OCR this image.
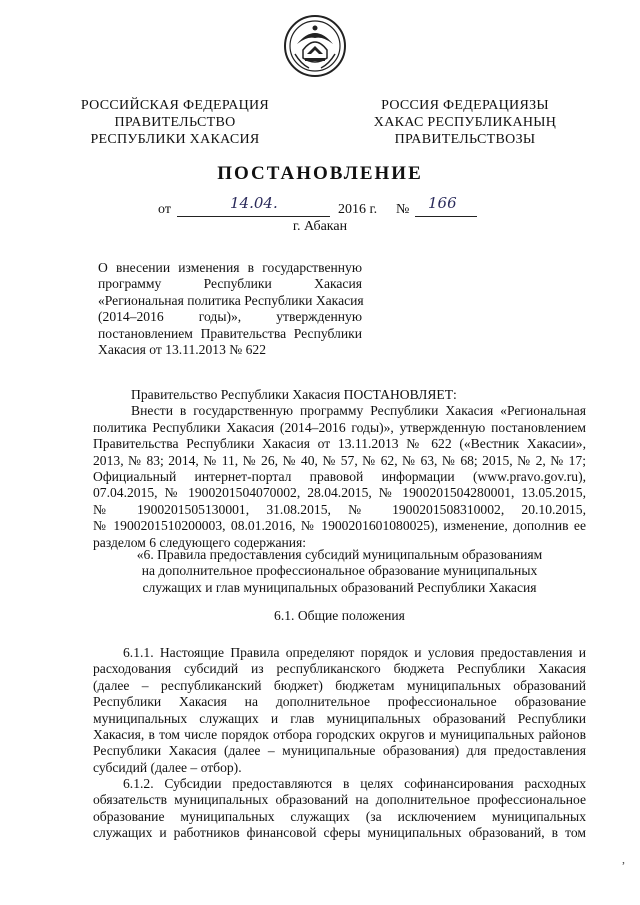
РОССИЙСКАЯ ФЕДЕРАЦИЯ
ПРАВИТЕЛЬСТВО
РЕСПУБЛИКИ ХАКАСИЯ
РОССИЯ ФЕДЕРАЦИЯЗЫ
ХАКАС РЕСПУБЛИКАНЫҢ
ПРАВИТЕЛЬСТВОЗЫ
ПОСТАНОВЛЕНИЕ
от	14.04.	2016 г. № 166
г. Абакан
О внесении изменения в государственную
программу Республики Хакасия
«Региональная политика Республики Хакасия
(2014–2016 годы)», утвержденную
постановлением Правительства Республики
Хакасия от 13.11.2013 № 622
Правительство Республики Хакасия ПОСТАНОВЛЯЕТ:
Внести в государственную программу Республики Хакасия «Региональная
политика Республики Хакасия (2014–2016 годы)», утвержденную постановлением
Правительства Республики Хакасия от 13.11.2013 № 622 («Вестник Хакасии»,
2013, № 83; 2014, № 11, № 26, № 40, № 57, № 62, № 63, № 68; 2015, № 2, № 17;
Официальный интернет-портал правовой информации (www.pravo.gov.ru),
07.04.2015, № 1900201504070002, 28.04.2015, № 1900201504280001, 13.05.2015,
№ 1900201505130001, 31.08.2015, № 1900201508310002, 20.10.2015,
№ 1900201510200003, 08.01.2016, № 1900201601080025), изменение, дополнив ее
разделом 6 следующего содержания:
«6. Правила предоставления субсидий муниципальным образованиям
на дополнительное профессиональное образование муниципальных
служащих и глав муниципальных образований Республики Хакасия
6.1. Общие положения
6.1.1. Настоящие Правила определяют порядок и условия предоставления и
расходования субсидий из республиканского бюджета Республики Хакасия
(далее – республиканский бюджет) бюджетам муниципальных образований
Республики Хакасия на дополнительное профессиональное образование
муниципальных служащих и глав муниципальных образований Республики
Хакасия, в том числе порядок отбора городских округов и муниципальных районов
Республики Хакасия (далее – муниципальные образования) для предоставления
субсидий (далее – отбор).
6.1.2. Субсидии предоставляются в целях софинансирования расходных
обязательств муниципальных образований на дополнительное профессиональное
образование муниципальных служащих (за исключением муниципальных
служащих и работников финансовой сферы муниципальных образований, в том
,
